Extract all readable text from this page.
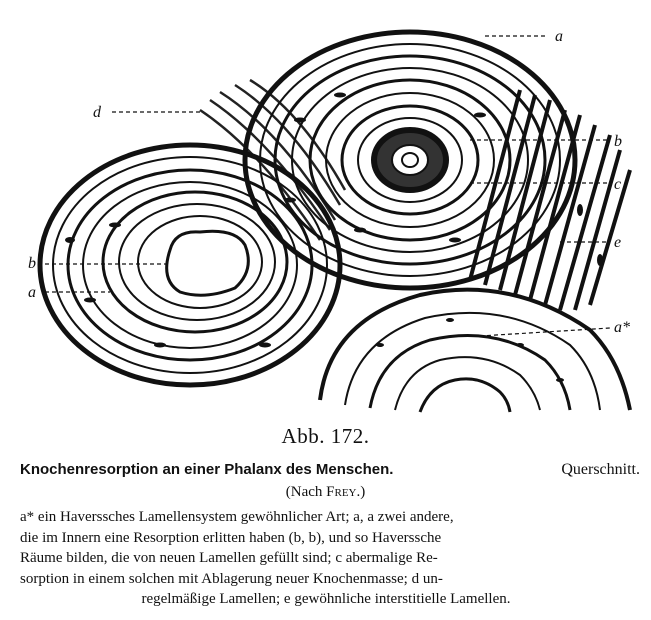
a
d
b
c
e
b
a
a*
Abb. 172.
Knochenresorption an einer Phalanx des Menschen.	Querschnitt.
(Nach Frey.)
a* ein Haverssches Lamellensystem gewöhnlicher Art; a, a zwei andere,
die im Innern eine Resorption erlitten haben (b, b), und so Haverssche
Räume bilden, die von neuen Lamellen gefüllt sind; c abermalige Re-
sorption in einem solchen mit Ablagerung neuer Knochenmasse; d un-
regelmäßige Lamellen; e gewöhnliche interstitielle Lamellen.
